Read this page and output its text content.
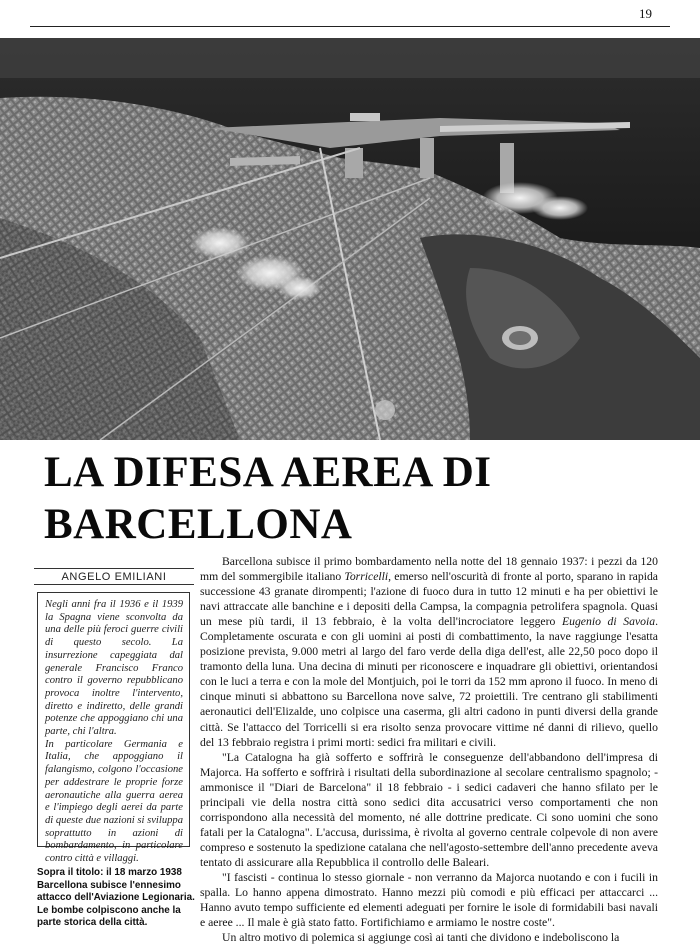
19
LA DIFESA AEREA DI
BARCELLONA
ANGELO EMILIANI

Negli anni fra il 1936 e il 1939 la Spagna viene sconvolta da una delle più feroci guerre civili di questo secolo. La insurrezione capeggiata dal generale Francisco Franco contro il governo repubblicano provoca inoltre l'intervento, diretto e indiretto, delle grandi potenze che appoggiano chi una parte, chi l'altra.

In particolare Germania e Italia, che appoggiano il falangismo, colgono l'occasione per addestrare le proprie forze aeronautiche alla guerra aerea e l'impiego degli aerei da parte di queste due nazioni si sviluppa soprattutto in azioni di bombardamento, in particolare contro città e villaggi.

Sopra il titolo: il 18 marzo 1938 Barcellona subisce l'ennesimo attacco dell'Aviazione Legionaria. Le bombe colpiscono anche la parte storica della città.

Barcellona subisce il primo bombardamento nella notte del 18 gennaio 1937: i pezzi da 120 mm del sommergibile italiano Torricelli, emerso nell'oscurità di fronte al porto, sparano in rapida successione 43 granate dirompenti; l'azione di fuoco dura in tutto 12 minuti e ha per obiettivi le navi attraccate alle banchine e i depositi della Campsa, la compagnia petrolifera spagnola. Quasi un mese più tardi, il 13 febbraio, è la volta dell'incrociatore leggero Eugenio di Savoia. Completamente oscurata e con gli uomini ai posti di combattimento, la nave raggiunge l'esatta posizione prevista, 9.000 metri al largo del faro verde della diga dell'est, alle 22,50 poco dopo il tramonto della luna. Una decina di minuti per riconoscere e inquadrare gli obiettivi, orientandosi con le luci a terra e con la mole del Montjuich, poi le torri da 152 mm aprono il fuoco. In meno di cinque minuti si abbattono su Barcellona nove salve, 72 proiettili. Tre centrano gli stabilimenti aeronautici dell'Elizalde, uno colpisce una caserma, gli altri cadono in punti diversi della grande città. Se l'attacco del Torricelli si era risolto senza provocare vittime né danni di rilievo, quello del 13 febbraio registra i primi morti: sedici fra militari e civili.

"La Catalogna ha già sofferto e soffrirà le conseguenze dell'abbandono dell'impresa di Majorca. Ha sofferto e soffrirà i risultati della subordinazione al secolare centralismo spagnolo; - ammonisce il "Diari de Barcelona" il 18 febbraio - i sedici cadaveri che hanno sfilato per le principali vie della nostra città sono sedici dita accusatrici verso comportamenti che non corrispondono alla necessità del momento, né alle dottrine predicate. Ci sono uomini che sono fatali per la Catalogna". L'accusa, durissima, è rivolta al governo centrale colpevole di non avere compreso e sostenuto la spedizione catalana che nell'agosto-settembre dell'anno precedente aveva tentato di assicurare alla Repubblica il controllo delle Baleari.

"I fascisti - continua lo stesso giornale - non verranno da Majorca nuotando e con i fucili in spalla. Lo hanno appena dimostrato. Hanno mezzi più comodi e più efficaci per attaccarci ... Hanno avuto tempo sufficiente ed elementi adeguati per fornire le isole di formidabili basi navali e aeree ... Il male è già stato fatto. Fortifichiamo e armiamo le nostre coste".

Un altro motivo di polemica si aggiunge così ai tanti che dividono e indeboliscono la
